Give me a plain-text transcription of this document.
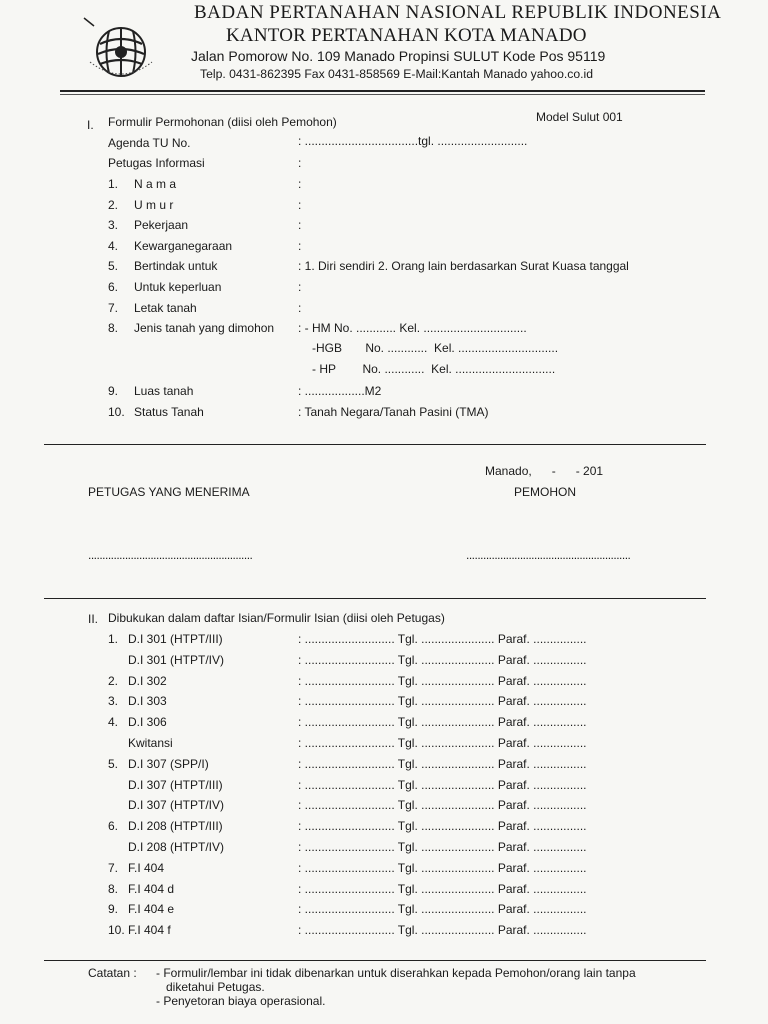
BADAN PERTANAHAN NASIONAL REPUBLIK INDONESIA
KANTOR PERTANAHAN KOTA MANADO
Jalan Pomorow No. 109 Manado Propinsi SULUT Kode Pos 95119
Telp. 0431-862395 Fax 0431-858569 E-Mail:Kantah Manado yahoo.co.id
I. Formulir Permohonan (diisi oleh Pemohon)	Model Sulut 001
Agenda TU No.	: ..................................tgl. ...........................
Petugas Informasi	:
1. N a m a	:
2. U m u r	:
3. Pekerjaan	:
4. Kewarganegaraan	:
5. Bertindak untuk	: 1. Diri sendiri 2. Orang lain berdasarkan Surat Kuasa tanggal
6. Untuk keperluan	:
7. Letak tanah	:
8. Jenis tanah yang dimohon : - HM No. ............ Kel. ...............................
-HGB       No. ............  Kel. ..............................
- HP        No. ............  Kel. ..............................
9. Luas tanah	: ..................M2
10. Status Tanah	: Tanah Negara/Tanah Pasini (TMA)
Manado,      -      - 201
PETUGAS YANG MENERIMA	PEMOHON
..........................................................	..........................................................
II. Dibukukan dalam daftar Isian/Formulir Isian (diisi oleh Petugas)
1. D.I 301 (HTPT/III)	: ........................... Tgl. ...................... Paraf. ................
D.I 301 (HTPT/IV)	: ........................... Tgl. ...................... Paraf. ................
2. D.I 302	: ........................... Tgl. ...................... Paraf. ................
3. D.I 303	: ........................... Tgl. ...................... Paraf. ................
4. D.I 306	: ........................... Tgl. ...................... Paraf. ................
Kwitansi	: ........................... Tgl. ...................... Paraf. ................
5. D.I 307 (SPP/I)	: ........................... Tgl. ...................... Paraf. ................
D.I 307 (HTPT/III)	: ........................... Tgl. ...................... Paraf. ................
D.I 307 (HTPT/IV)	: ........................... Tgl. ...................... Paraf. ................
6. D.I 208 (HTPT/III)	: ........................... Tgl. ...................... Paraf. ................
D.I 208 (HTPT/IV)	: ........................... Tgl. ...................... Paraf. ................
7. F.I 404	: ........................... Tgl. ...................... Paraf. ................
8. F.I 404 d	: ........................... Tgl. ...................... Paraf. ................
9. F.I 404 e	: ........................... Tgl. ...................... Paraf. ................
10. F.I 404 f	: ........................... Tgl. ...................... Paraf. ................
Catatan : - Formulir/lembar ini tidak dibenarkan untuk diserahkan kepada Pemohon/orang lain tanpa
diketahui Petugas.
- Penyetoran biaya operasional.
